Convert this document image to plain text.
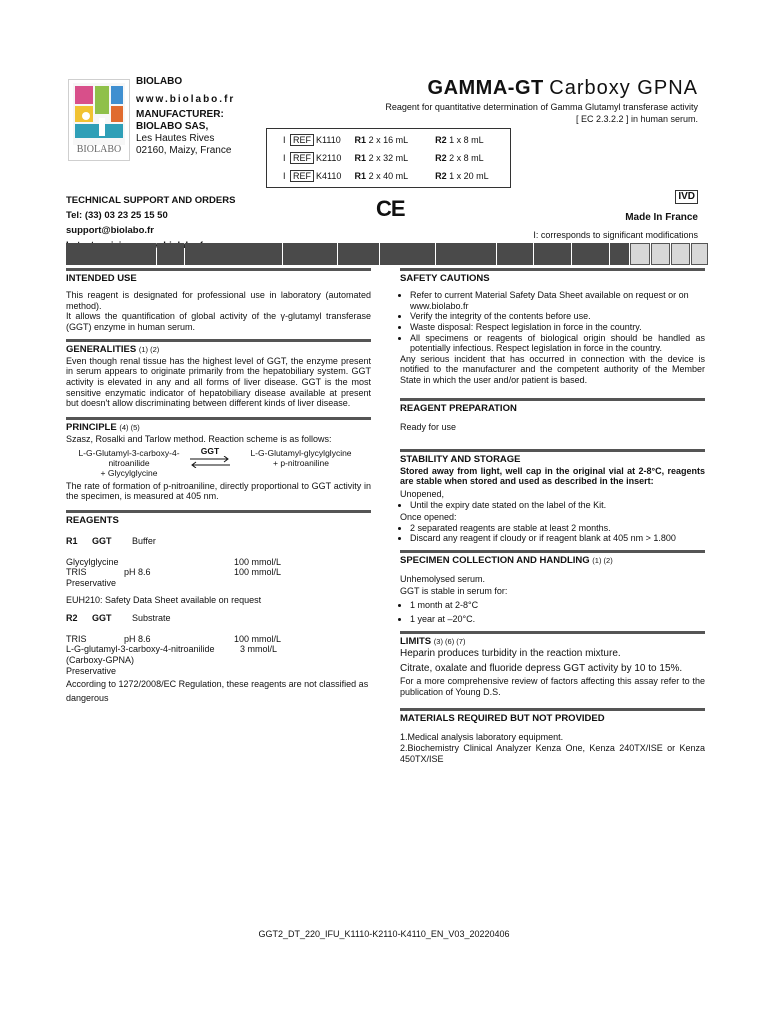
BIOLABO
BIOLABO
www.biolabo.fr
MANUFACTURER:
BIOLABO SAS,
Les Hautes Rives
02160, Maizy, France
GAMMA-GT Carboxy GPNA
Reagent for quantitative determination of Gamma Glutamyl transferase activity
[ EC 2.3.2.2 ] in human serum.
I REF K1110 R1 2 x 16 mL	R2 1 x 8 mL
I REF K2110 R1 2 x 32 mL	R2 2 x 8 mL
I REF K4110 R1 2 x 40 mL	R2 1 x 20 mL
CE	IVD
Made In France
I: corresponds to significant modifications
TECHNICAL SUPPORT AND ORDERS
Tel: (33) 03 23 25 15 50
support@biolabo.fr
INTENDED USE
This reagent is designated for professional use in laboratory (automated method).
It allows the quantification of global activity of the γ-glutamyl transferase (GGT) enzyme in human serum.
GENERALITIES (1) (2)
Even though renal tissue has the highest level of GGT, the enzyme present in serum appears to originate primarily from the hepatobiliary system. GGT activity is elevated in any and all forms of liver disease. GGT is the most sensitive enzymatic indicator of hepatobiliary disease available at present but doesn't allow discriminating between different kinds of liver disease.
PRINCIPLE (4) (5)
Szasz, Rosalki and Tarlow method. Reaction scheme is as follows:
L-G-Glutamyl-3-carboxy-4-
nitroanilide
+ Glycylglycine
GGT	L-G-Glutamyl-glycylglycine
+ p-nitroaniline
The rate of formation of p-nitroaniline, directly proportional to GGT activity in the specimen, is measured at 405 nm.
REAGENTS
R1	GGT	Buffer
Glycylglycine	100 mmol/L
TRIS	pH 8.6	100 mmol/L
Preservative
EUH210: Safety Data Sheet available on request
R2	GGT	Substrate
TRIS	pH 8.6	100 mmol/L
L-G-glutamyl-3-carboxy-4-nitroanilide	3 mmol/L
(Carboxy-GPNA)
Preservative
According to 1272/2008/EC Regulation, these reagents are not classified as dangerous
SAFETY CAUTIONS
• Refer to current Material Safety Data Sheet available on request or on www.biolabo.fr
• Verify the integrity of the contents before use.
• Waste disposal: Respect legislation in force in the country.
• All specimens or reagents of biological origin should be handled as potentially infectious. Respect legislation in force in the country.
Any serious incident that has occurred in connection with the device is notified to the manufacturer and the competent authority of the Member State in which the user and/or patient is based.
REAGENT PREPARATION
Ready for use
STABILITY AND STORAGE
Stored away from light, well cap in the original vial at 2-8°C, reagents are stable when stored and used as described in the insert:
Unopened,
• Until the expiry date stated on the label of the Kit.
Once opened:
• 2 separated reagents are stable at least 2 months.
• Discard any reagent if cloudy or if reagent blank at 405 nm > 1.800
SPECIMEN COLLECTION AND HANDLING (1) (2)
Unhemolysed serum.
GGT is stable in serum for:
• 1 month at 2-8°C
• 1 year at –20°C.
LIMITS (3) (6) (7)
Heparin produces turbidity in the reaction mixture.
Citrate, oxalate and fluoride depress GGT activity by 10 to 15%.
For a more comprehensive review of factors affecting this assay refer to the publication of Young D.S.
MATERIALS REQUIRED BUT NOT PROVIDED
1.Medical analysis laboratory equipment.
2.Biochemistry Clinical Analyzer Kenza One, Kenza 240TX/ISE or Kenza 450TX/ISE
GGT2_DT_220_IFU_K1110-K2110-K4110_EN_V03_20220406
